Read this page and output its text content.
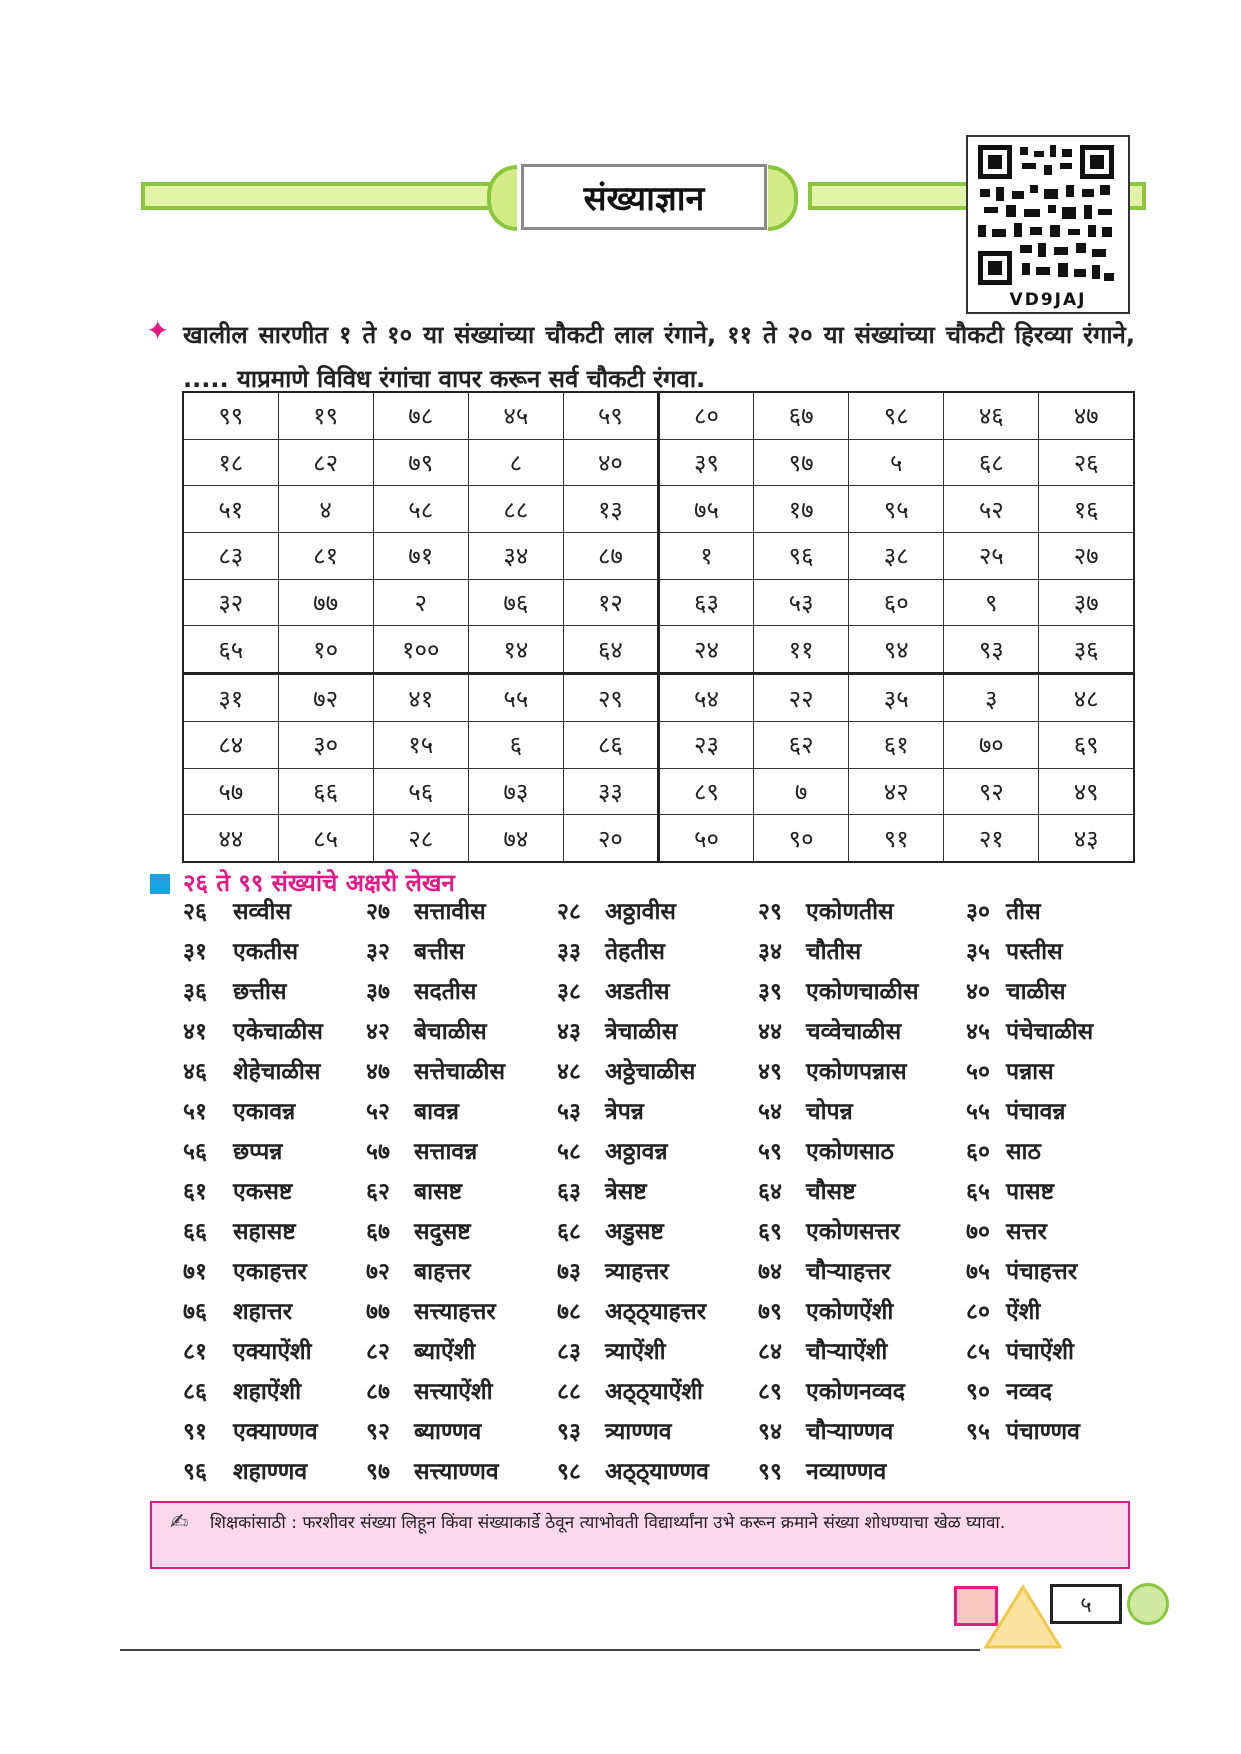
संख्याज्ञान
VD9JAJ
✦ खालील सारणीत १ ते १० या संख्यांच्या चौकटी लाल रंगाने, ११ ते २० या संख्यांच्या चौकटी हिरव्या रंगाने, ..... याप्रमाणे विविध रंगांचा वापर करून सर्व चौकटी रंगवा.
९९	१९	७८	४५	५९	८०	६७	९८	४६	४७
१८	८२	७९	८	४०	३९	९७	५	६८	२६
५१	४	५८	८८	१३	७५	१७	९५	५२	१६
८३	८१	७१	३४	८७	१	९६	३८	२५	२७
३२	७७	२	७६	१२	६३	५३	६०	९	३७
६५	१०	१००	१४	६४	२४	११	९४	९३	३६
३१	७२	४१	५५	२९	५४	२२	३५	३	४८
८४	३०	१५	६	८६	२३	६२	६१	७०	६९
५७	६६	५६	७३	३३	८९	७	४२	९२	४९
४४	८५	२८	७४	२०	५०	९०	९१	२१	४३
२६ ते ९९ संख्यांचे अक्षरी लेखन
२६ सव्वीस	२७ सत्तावीस	२८ अठ्ठावीस	२९ एकोणतीस	३० तीस
३१ एकतीस	३२ बत्तीस	३३ तेहतीस	३४ चौतीस	३५ पस्तीस
३६ छत्तीस	३७ सदतीस	३८ अडतीस	३९ एकोणचाळीस ४० चाळीस
४१ एकेचाळीस ४२ बेचाळीस	४३ त्रेचाळीस	४४ चव्वेचाळीस	४५ पंचेचाळीस
४६ शेहेचाळीस ४७ सत्तेचाळीस ४८ अठ्ठेचाळीस	४९ एकोणपन्नास	५० पन्नास
५१ एकावन्न	५२ बावन्न	५३ त्रेपन्न	५४ चोपन्न	५५ पंचावन्न
५६ छप्पन्न	५७ सत्तावन्न	५८ अठ्ठावन्न	५९ एकोणसाठ	६० साठ
६१ एकसष्ट	६२ बासष्ट	६३ त्रेसष्ट	६४ चौसष्ट	६५ पासष्ट
६६ सहासष्ट	६७ सदुसष्ट	६८ अडुसष्ट	६९ एकोणसत्तर	७० सत्तर
७१ एकाहत्तर	७२ बाहत्तर	७३ त्र्याहत्तर	७४ चौऱ्याहत्तर	७५ पंचाहत्तर
७६ शहात्तर	७७ सत्त्याहत्तर	७८ अठ्ठ्याहत्तर ७९ एकोणऐंशी	८० ऐंशी
८१ एक्याऐंशी ८२ ब्याऐंशी	८३ त्र्याऐंशी	८४ चौऱ्याऐंशी	८५ पंचाऐंशी
८६ शहाऐंशी	८७ सत्त्याऐंशी	८८ अठ्ठ्याऐंशी ८९ एकोणनव्वद	९० नव्वद
९१ एक्याण्णव ९२ ब्याण्णव	९३ त्र्याण्णव	९४ चौऱ्याण्णव	९५ पंचाण्णव
९६ शहाण्णव	९७ सत्त्याण्णव	९८ अठ्ठ्याण्णव ९९ नव्याण्णव
✍ शिक्षकांसाठी : फरशीवर संख्या लिहून किंवा संख्याकार्डे ठेवून त्याभोवती विद्यार्थ्यांना उभे करून क्रमाने संख्या शोधण्याचा खेळ घ्यावा.
५
